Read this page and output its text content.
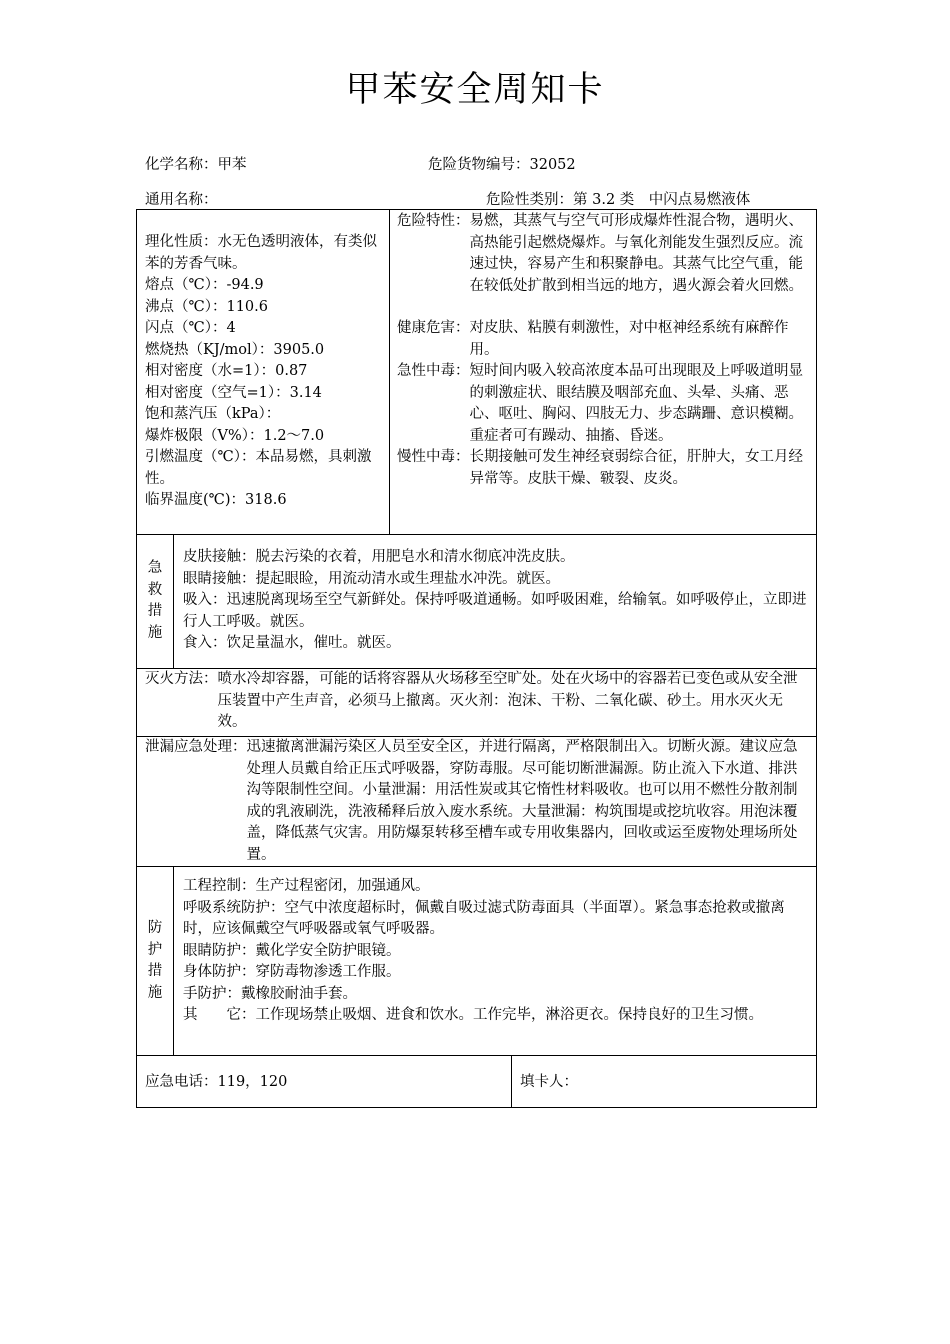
甲苯安全周知卡
化学名称：甲苯	危险货物编号：32052
通用名称：	危险性类别：第 3.2 类　中闪点易燃液体
理化性质：水无色透明液体，有类似苯的芳香气味。
熔点（℃）：-94.9
沸点（℃）：110.6
闪点（℃）：4
燃烧热（KJ/mol）：3905.0
相对密度（水=1）：0.87
相对密度（空气=1）：3.14
饱和蒸汽压（kPa）：
爆炸极限（V%）：1.2～7.0
引燃温度（℃）：本品易燃，具刺激性。
临界温度(℃)：318.6
危险特性： 易燃，其蒸气与空气可形成爆炸性混合物，遇明火、高热能引起燃烧爆炸。与氧化剂能发生强烈反应。流速过快，容易产生和积聚静电。其蒸气比空气重，能在较低处扩散到相当远的地方，遇火源会着火回燃。
健康危害： 对皮肤、粘膜有刺激性，对中枢神经系统有麻醉作用。
急性中毒： 短时间内吸入较高浓度本品可出现眼及上呼吸道明显的刺激症状、眼结膜及咽部充血、头晕、头痛、恶心、呕吐、胸闷、四肢无力、步态蹒跚、意识模糊。重症者可有躁动、抽搐、昏迷。
慢性中毒： 长期接触可发生神经衰弱综合征，肝肿大，女工月经异常等。皮肤干燥、皲裂、皮炎。
急
救
措
施
皮肤接触：脱去污染的衣着，用肥皂水和清水彻底冲洗皮肤。
眼睛接触：提起眼睑，用流动清水或生理盐水冲洗。就医。
吸入：迅速脱离现场至空气新鲜处。保持呼吸道通畅。如呼吸困难，给输氧。如呼吸停止，立即进行人工呼吸。就医。
食入：饮足量温水，催吐。就医。
灭火方法： 喷水冷却容器，可能的话将容器从火场移至空旷处。处在火场中的容器若已变色或从安全泄压装置中产生声音，必须马上撤离。灭火剂：泡沫、干粉、二氧化碳、砂土。用水灭火无效。
泄漏应急处理： 迅速撤离泄漏污染区人员至安全区，并进行隔离，严格限制出入。切断火源。建议应急处理人员戴自给正压式呼吸器，穿防毒服。尽可能切断泄漏源。防止流入下水道、排洪沟等限制性空间。小量泄漏：用活性炭或其它惰性材料吸收。也可以用不燃性分散剂制成的乳液刷洗，洗液稀释后放入废水系统。大量泄漏：构筑围堤或挖坑收容。用泡沫覆盖，降低蒸气灾害。用防爆泵转移至槽车或专用收集器内，回收或运至废物处理场所处置。
防
护
措
施
工程控制：生产过程密闭，加强通风。
呼吸系统防护：空气中浓度超标时，佩戴自吸过滤式防毒面具（半面罩）。紧急事态抢救或撤离时，应该佩戴空气呼吸器或氧气呼吸器。
眼睛防护：戴化学安全防护眼镜。
身体防护：穿防毒物渗透工作服。
手防护：戴橡胶耐油手套。
其　　它： 工作现场禁止吸烟、进食和饮水。工作完毕，淋浴更衣。保持良好的卫生习惯。
应急电话：119，120	填卡人：
